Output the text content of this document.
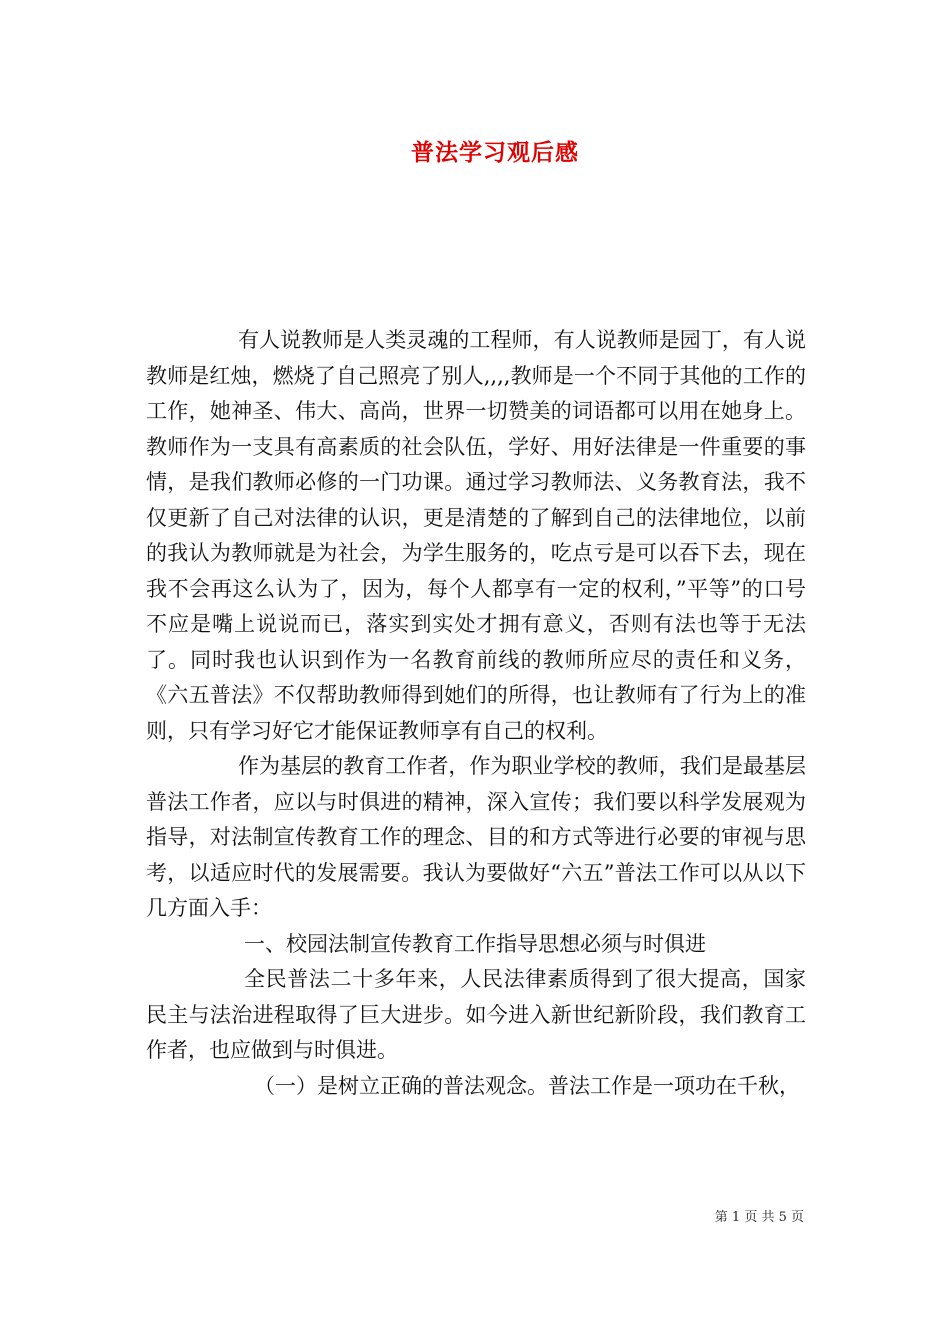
普法学习观后感

有人说教师是人类灵魂的工程师，有人说教师是园丁，有人说教师是红烛，燃烧了自己照亮了别人,,,,教师是一个不同于其他的工作的工作，她神圣、伟大、高尚，世界一切赞美的词语都可以用在她身上。教师作为一支具有高素质的社会队伍，学好、用好法律是一件重要的事情，是我们教师必修的一门功课。通过学习教师法、义务教育法，我不仅更新了自己对法律的认识，更是清楚的了解到自己的法律地位，以前的我认为教师就是为社会，为学生服务的，吃点亏是可以吞下去，现在我不会再这么认为了，因为，每个人都享有一定的权利，”平等”的口号不应是嘴上说说而已，落实到实处才拥有意义，否则有法也等于无法了。同时我也认识到作为一名教育前线的教师所应尽的责任和义务，《六五普法》不仅帮助教师得到她们的所得，也让教师有了行为上的准则，只有学习好它才能保证教师享有自己的权利。

作为基层的教育工作者，作为职业学校的教师，我们是最基层普法工作者，应以与时俱进的精神，深入宣传；我们要以科学发展观为指导，对法制宣传教育工作的理念、目的和方式等进行必要的审视与思考，以适应时代的发展需要。我认为要做好“六五”普法工作可以从以下几方面入手：

一、校园法制宣传教育工作指导思想必须与时俱进

全民普法二十多年来，人民法律素质得到了很大提高，国家民主与法治进程取得了巨大进步。如今进入新世纪新阶段，我们教育工作者，也应做到与时俱进。

（一）是树立正确的普法观念。普法工作是一项功在千秋，

第 1 页 共 5 页
